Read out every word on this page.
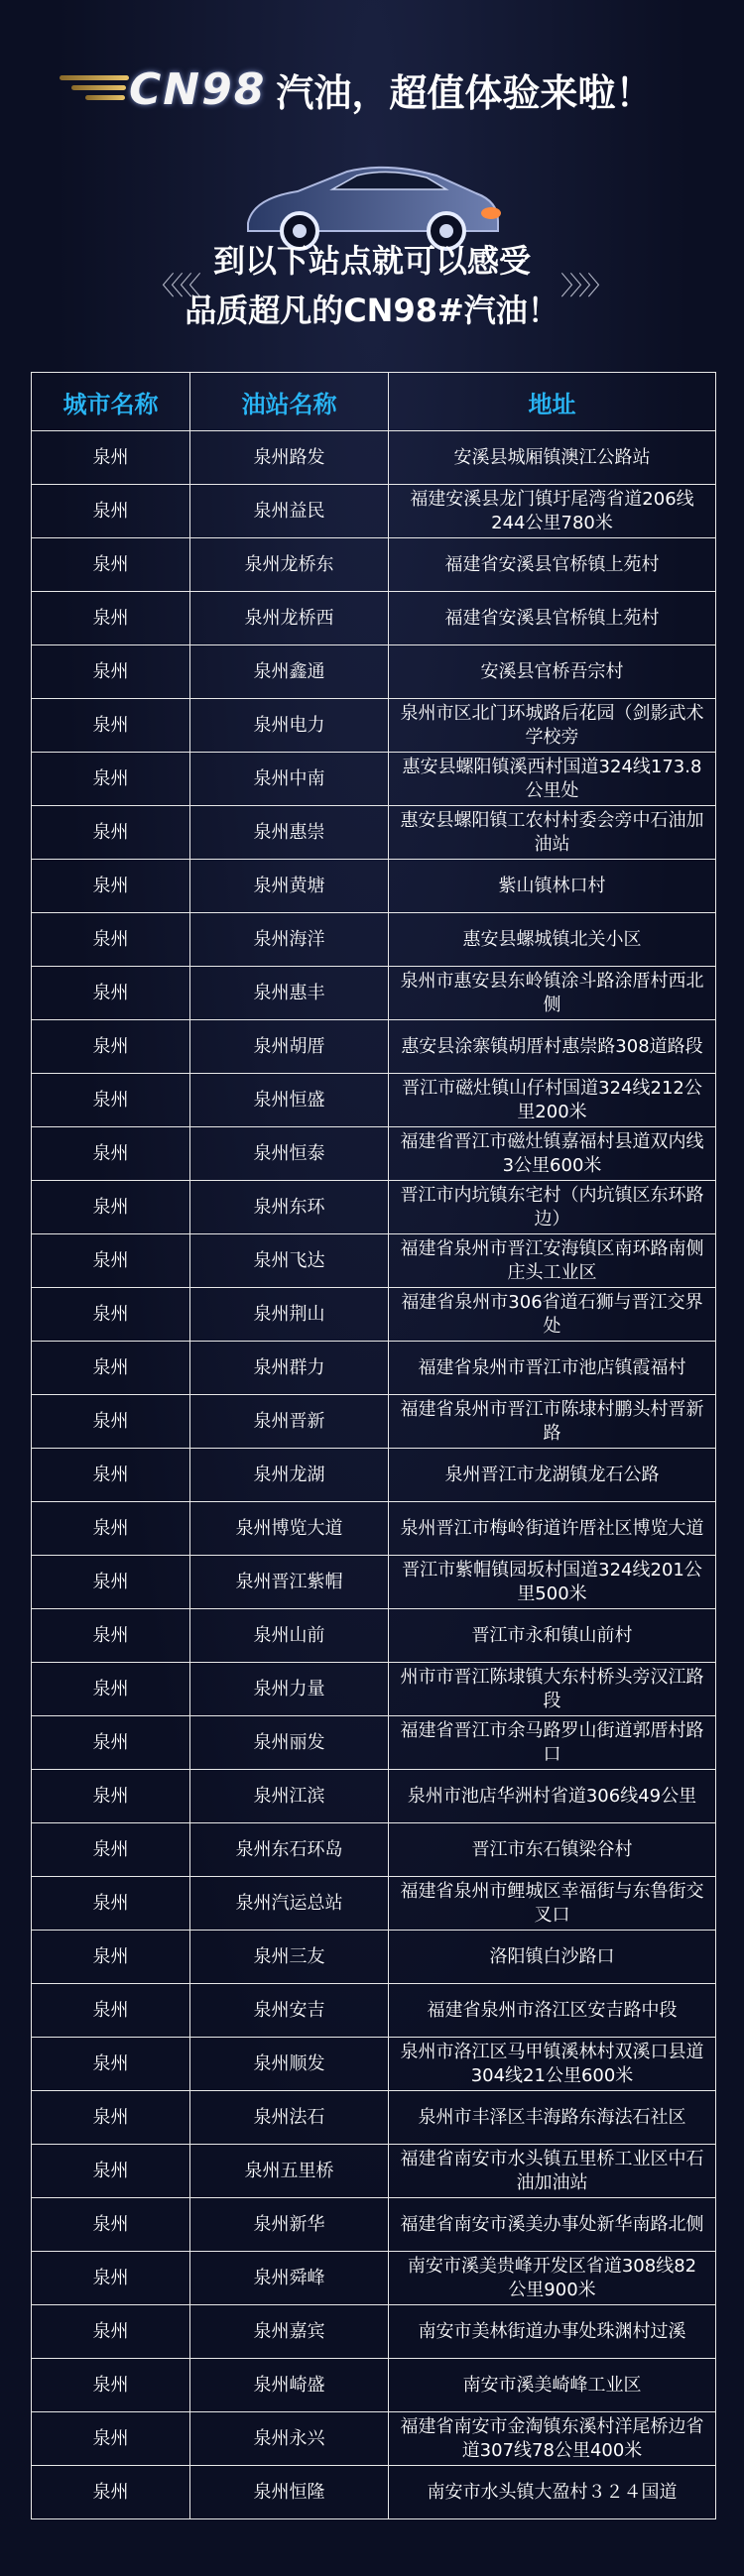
CN98 汽油，超值体验来啦！
〈〈〈〈	〉〉〉〉
到以下站点就可以感受
品质超凡的CN98#汽油！
城市名称	油站名称	地址
泉州	泉州路发	安溪县城厢镇澳江公路站
泉州	泉州益民	福建安溪县龙门镇圩尾湾省道206线244公里780米
泉州	泉州龙桥东	福建省安溪县官桥镇上苑村
泉州	泉州龙桥西	福建省安溪县官桥镇上苑村
泉州	泉州鑫通	安溪县官桥吾宗村
泉州	泉州电力	泉州市区北门环城路后花园（剑影武术学校旁
泉州	泉州中南	惠安县螺阳镇溪西村国道324线173.8公里处
泉州	泉州惠崇	惠安县螺阳镇工农村村委会旁中石油加油站
泉州	泉州黄塘	紫山镇林口村
泉州	泉州海洋	惠安县螺城镇北关小区
泉州	泉州惠丰	泉州市惠安县东岭镇涂斗路涂厝村西北侧
泉州	泉州胡厝	惠安县涂寨镇胡厝村惠崇路308道路段
泉州	泉州恒盛	晋江市磁灶镇山仔村国道324线212公里200米
泉州	泉州恒泰	福建省晋江市磁灶镇嘉福村县道双内线3公里600米
泉州	泉州东环	晋江市内坑镇东宅村（内坑镇区东环路边）
泉州	泉州飞达	福建省泉州市晋江安海镇区南环路南侧庄头工业区
泉州	泉州荆山	福建省泉州市306省道石狮与晋江交界处
泉州	泉州群力	福建省泉州市晋江市池店镇霞福村
泉州	泉州晋新	福建省泉州市晋江市陈埭村鹏头村晋新路
泉州	泉州龙湖	泉州晋江市龙湖镇龙石公路
泉州	泉州博览大道	泉州晋江市梅岭街道许厝社区博览大道
泉州	泉州晋江紫帽	晋江市紫帽镇园坂村国道324线201公里500米
泉州	泉州山前	晋江市永和镇山前村
泉州	泉州力量	州市市晋江陈埭镇大东村桥头旁汉江路段
泉州	泉州丽发	福建省晋江市余马路罗山街道郭厝村路口
泉州	泉州江滨	泉州市池店华洲村省道306线49公里
泉州	泉州东石环岛	晋江市东石镇梁谷村
泉州	泉州汽运总站	福建省泉州市鲤城区幸福街与东鲁街交叉口
泉州	泉州三友	洛阳镇白沙路口
泉州	泉州安吉	福建省泉州市洛江区安吉路中段
泉州	泉州顺发	泉州市洛江区马甲镇溪林村双溪口县道304线21公里600米
泉州	泉州法石	泉州市丰泽区丰海路东海法石社区
泉州	泉州五里桥	福建省南安市水头镇五里桥工业区中石油加油站
泉州	泉州新华	福建省南安市溪美办事处新华南路北侧
泉州	泉州舜峰	南安市溪美贵峰开发区省道308线82公里900米
泉州	泉州嘉宾	南安市美林街道办事处珠渊村过溪
泉州	泉州崎盛	南安市溪美崎峰工业区
泉州	泉州永兴	福建省南安市金淘镇东溪村洋尾桥边省道307线78公里400米
泉州	泉州恒隆	南安市水头镇大盈村３２４国道
